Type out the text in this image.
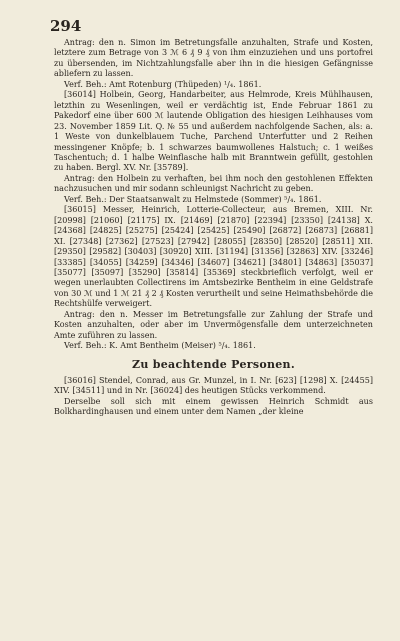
294

Antrag: den n. Simon im Betretungsfalle anzuhalten, Strafe und Kosten, letztere zum Betrage von 3 ℳ 6 ₰ 9 ₰ von ihm einzuziehen und uns portofrei zu übersenden, im Nichtzahlungsfalle aber ihn in die hiesigen Gefängnisse abliefern zu lassen.

Verf. Beh.: Amt Rotenburg (Thüpeden) ¹/₄. 1861.

[36014] Holbein, Georg, Handarbeiter, aus Helmrode, Kreis Mühlhausen, letzthin zu Wesenlingen, weil er verdächtig ist, Ende Februar 1861 zu Pakedorf eine über 600 ℳ lautende Obligation des hiesigen Leihhauses vom 23. November 1859 Lit. Q. № 55 und außerdem nachfolgende Sachen, als: a. 1 Weste von dunkelblauem Tuche, Parchend Unterfutter und 2 Reihen messingener Knöpfe; b. 1 schwarzes baumwollenes Halstuch; c. 1 weißes Taschentuch; d. 1 halbe Weinflasche halb mit Branntwein gefüllt, gestohlen zu haben. Bergl. XV. Nr. [35789].

Antrag: den Holbein zu verhaften, bei ihm noch den gestohlenen Effekten nachzusuchen und mir sodann schleunigst Nachricht zu geben.

Verf. Beh.: Der Staatsanwalt zu Helmstede (Sommer) ⁵/₄. 1861.

[36015] Messer, Heinrich, Lotterie-Collecteur, aus Bremen, XIII. Nr. [20998] [21060] [21175] IX. [21469] [21870] [22394] [23350] [24138] X. [24368] [24825] [25275] [25424] [25425] [25490] [26872] [26873] [26881] XI. [27348] [27362] [27523] [27942] [28055] [28350] [28520] [28511] XII. [29350] [29582] [30403] [30920] XIII. [31194] [31356] [32863] XIV. [33246] [33385] [34055] [34259] [34346] [34607] [34621] [34801] [34863] [35037] [35077] [35097] [35290] [35814] [35369] steckbrieflich verfolgt, weil er wegen unerlaubten Collectirens im Amtsbezirke Bentheim in eine Geldstrafe von 30 ℳ und 1 ℳ 21 ₰ 2 ₰ Kosten verurtheilt und seine Heimathsbehörde die Rechtshülfe verweigert.

Antrag: den n. Messer im Betretungsfalle zur Zahlung der Strafe und Kosten anzuhalten, oder aber im Unvermögensfalle dem unterzeichneten Amte zuführen zu lassen.

Verf. Beh.: K. Amt Bentheim (Meiser) ⁵/₄. 1861.

Zu beachtende Personen.

[36016] Stendel, Conrad, aus Gr. Munzel, in I. Nr. [623] [1298] X. [24455] XIV. [34511] und in Nr. [36024] des heutigen Stücks verkommend.

Derselbe soll sich mit einem gewissen Heinrich Schmidt aus Bolkhardinghausen und einem unter dem Namen „der kleine
